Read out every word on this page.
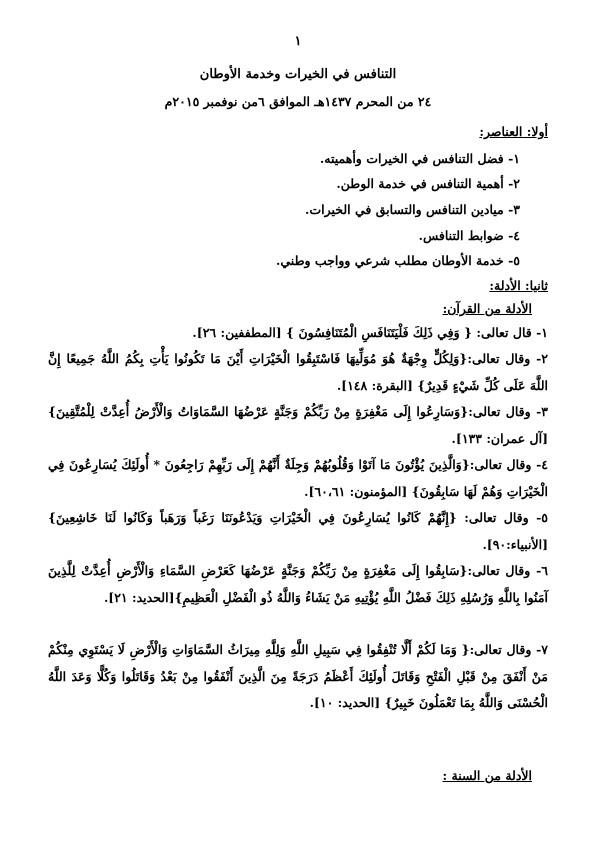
١
التنافس في الخيرات وخدمة الأوطان
٢٤ من المحرم ١٤٣٧هـ الموافق ٦من نوفمبر ٢٠١٥م
أولا: العناصر:
١- فضل التنافس في الخيرات وأهميته.
٢- أهمية التنافس في خدمة الوطن.
٣- ميادين التنافس والتسابق في الخيرات.
٤- ضوابط التنافس.
٥- خدمة الأوطان مطلب شرعي وواجب وطني.
ثانيا: الأدلة:
الأدلة من القرآن:
١- قال تعالى: { وَفِي ذَلِكَ فَلْيَتَنَافَسِ الْمُتَنَافِسُونَ } [المطففين: ٢٦].
٢- وقال تعالى:{وَلِكُلٍّ وِجْهَةٌ هُوَ مُوَلِّيهَا فَاسْتَبِقُوا الْخَيْرَاتِ أَيْنَ مَا تَكُونُوا يَأْتِ بِكُمُ اللَّهُ جَمِيعًا إِنَّ اللَّهَ عَلَى كُلِّ شَيْءٍ قَدِيرٌ} [البقرة: ١٤٨].
٣- وقال تعالى:{وَسَارِعُوا إِلَى مَغْفِرَةٍ مِنْ رَبِّكُمْ وَجَنَّةٍ عَرْضُهَا السَّمَاوَاتُ وَالْأَرْضُ أُعِدَّتْ لِلْمُتَّقِينَ} [آل عمران: ١٣٣].
٤- وقال تعالى:{وَالَّذِينَ يُؤْتُونَ مَا آتَوْا وَقُلُوبُهُمْ وَجِلَةٌ أَنَّهُمْ إِلَى رَبِّهِمْ رَاجِعُونَ * أُولَئِكَ يُسَارِعُونَ فِي الْخَيْرَاتِ وَهُمْ لَهَا سَابِقُونَ} [المؤمنون: ٦٠،٦١].
٥- وقال تعالى: {إِنَّهُمْ كَانُوا يُسَارِعُونَ فِي الْخَيْرَاتِ وَيَدْعُونَنَا رَغَباً وَرَهَباً وَكَانُوا لَنَا خَاشِعِينَ} [الأنبياء:٩٠].
٦- وقال تعالى:{سَابِقُوا إِلَى مَغْفِرَةٍ مِنْ رَبِّكُمْ وَجَنَّةٍ عَرْضُهَا كَعَرْضِ السَّمَاءِ وَالْأَرْضِ أُعِدَّتْ لِلَّذِينَ آمَنُوا بِاللَّهِ وَرُسُلِهِ ذَلِكَ فَضْلُ اللَّهِ يُؤْتِيهِ مَنْ يَشَاءُ وَاللَّهُ ذُو الْفَضْلِ الْعَظِيمِ}[الحديد: ٢١].
٧- وقال تعالى:{ وَمَا لَكُمْ أَلَّا تُنْفِقُوا فِي سَبِيلِ اللَّهِ وَلِلَّهِ مِيرَاثُ السَّمَاوَاتِ وَالْأَرْضِ لَا يَسْتَوِي مِنْكُمْ مَنْ أَنْفَقَ مِنْ قَبْلِ الْفَتْحِ وَقَاتَلَ أُولَئِكَ أَعْظَمُ دَرَجَةً مِنَ الَّذِينَ أَنْفَقُوا مِنْ بَعْدُ وَقَاتَلُوا وَكُلًّا وَعَدَ اللَّهُ الْحُسْنَى وَاللَّهُ بِمَا تَعْمَلُونَ خَبِيرٌ} [الحديد: ١٠].
الأدلة من السنة :
